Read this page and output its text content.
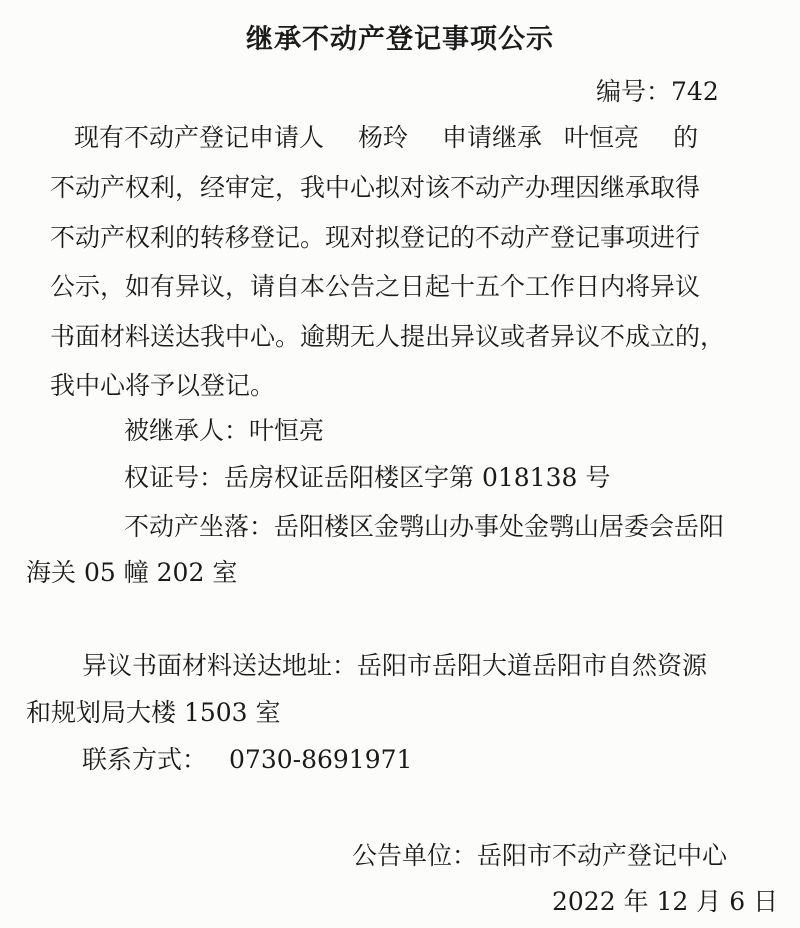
继承不动产登记事项公示
编号：742
现有不动产登记申请人 杨玲 申请继承 叶恒亮 的
不动产权利，经审定，我中心拟对该不动产办理因继承取得
不动产权利的转移登记。现对拟登记的不动产登记事项进行
公示，如有异议，请自本公告之日起十五个工作日内将异议
书面材料送达我中心。逾期无人提出异议或者异议不成立的，
我中心将予以登记。
被继承人：叶恒亮
权证号：岳房权证岳阳楼区字第 018138 号
不动产坐落：岳阳楼区金鹗山办事处金鹗山居委会岳阳
海关 05 幢 202 室
异议书面材料送达地址：岳阳市岳阳大道岳阳市自然资源
和规划局大楼 1503 室
联系方式： 0730-8691971
公告单位：岳阳市不动产登记中心
2022 年 12 月 6 日
